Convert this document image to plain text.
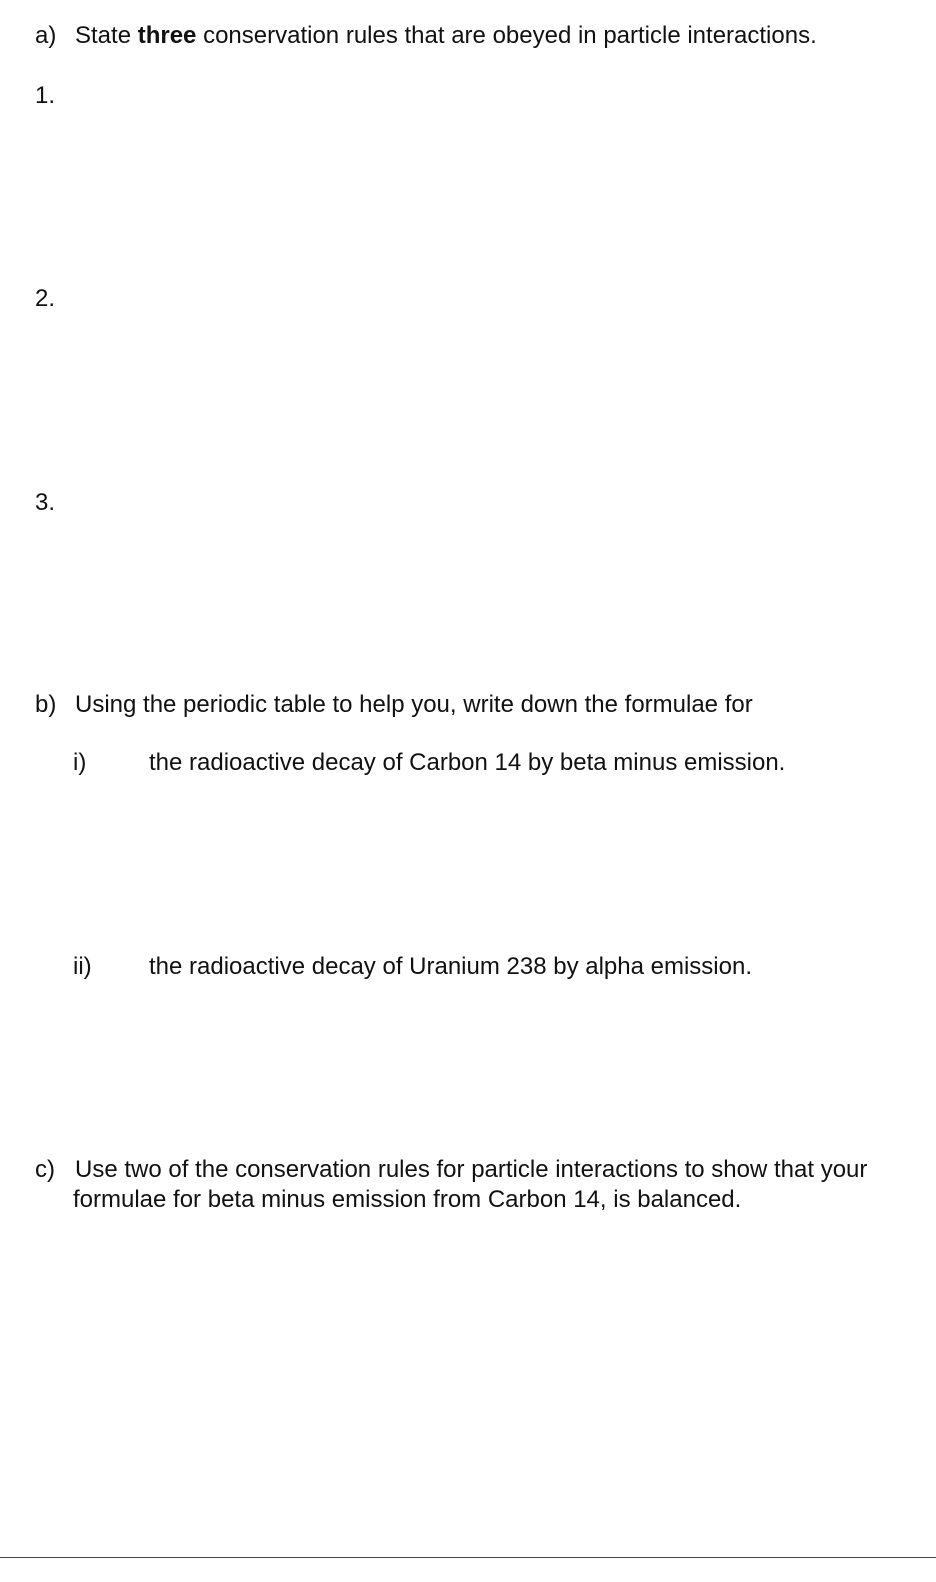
a) State three conservation rules that are obeyed in particle interactions.
1.
2.
3.
b) Using the periodic table to help you, write down the formulae for
i)	the radioactive decay of Carbon 14 by beta minus emission.
ii) the radioactive decay of Uranium 238 by alpha emission.
c) Use two of the conservation rules for particle interactions to show that your
formulae for beta minus emission from Carbon 14, is balanced.
